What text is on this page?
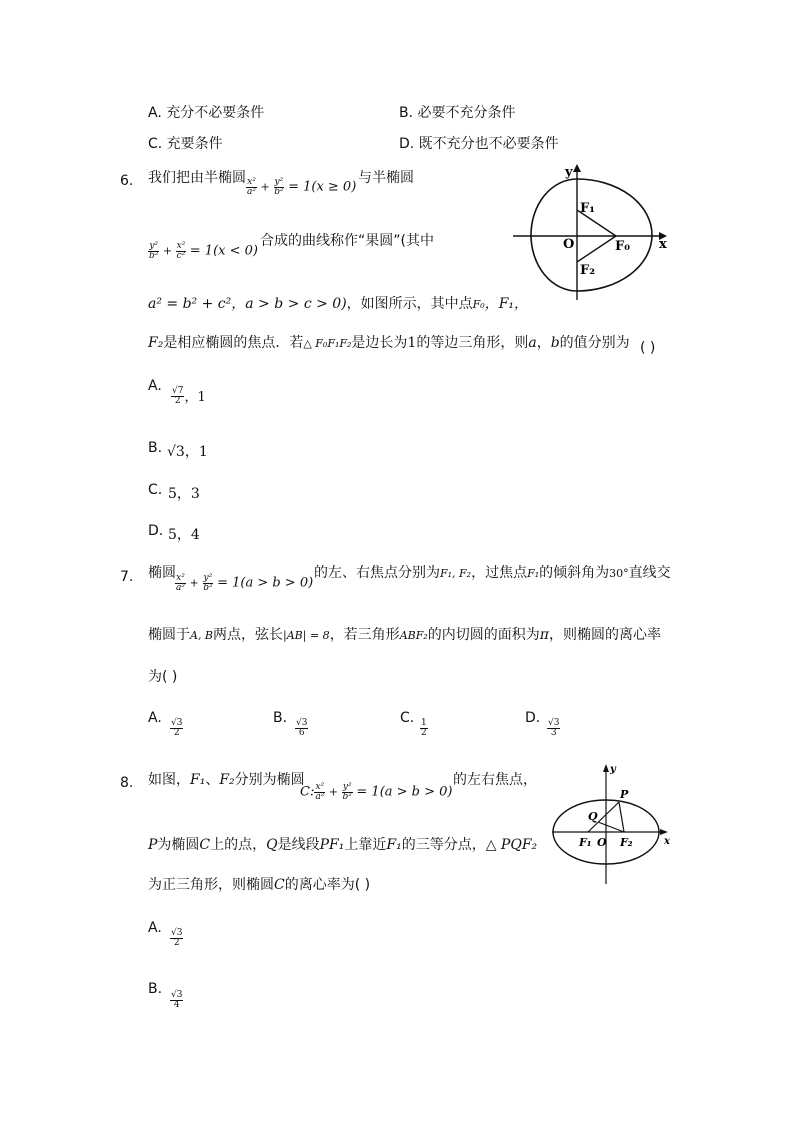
A. 充分不必要条件	B. 必要不充分条件
C. 充要条件	D. 既不充分也不必要条件
6. 我们把由半椭圆 $\frac{\text{x²}}{\text{a²}} + \frac{\text{y²}}{\text{b²}} = 1(x \ge 0)$
与半椭圆
$\frac{\text{y²}}{\text{b²}} + \frac{\text{x²}}{\text{c²}} = 1(x < 0)$
合成的曲线称作“果圆”(其中
a² = b² + c²，a > b > c > 0)，如图所示，其中点F₀，F₁，
F₂是相应椭圆的焦点．若△ F₀F₁F₂是边长为1的等边三角形，则a，b的值分别为 ( )
A.
$\frac{√7}{2}$ ，1
B. √3，1
C. 5，3
D. 5，4
y
x
O
F₁
F₀
F₂
7. 椭圆
$\frac{\text{x²}}{\text{a²}} + \frac{\text{y²}}{\text{b²}} = 1(a > b > 0)$
的左、右焦点分别为F₁, F₂，过焦点F₁的倾斜角为30°直线交
椭圆于A, B两点，弦长|AB| = 8，若三角形ABF₂的内切圆的面积为π，则椭圆的离心率
为( )
A.
$\frac{√3}{2}$
B.
$\frac{√3}{6}$
C.
$\frac{1}{2}$
D.
$\frac{√3}{3}$
8. 如图，F₁、F₂分别为椭圆
C: $\frac{\text{x²}}{\text{a²}} + \frac{\text{y²}}{\text{b²}} = 1(a > b > 0)$
的左右焦点，
P为椭圆C上的点，Q是线段PF₁上靠近F₁的三等分点，△ PQF₂
为正三角形，则椭圆C的离心率为( )
A.
$\frac{√3}{2}$
B.
$\frac{√3}{4}$
y
x
P
Q
F₁ O F₂
